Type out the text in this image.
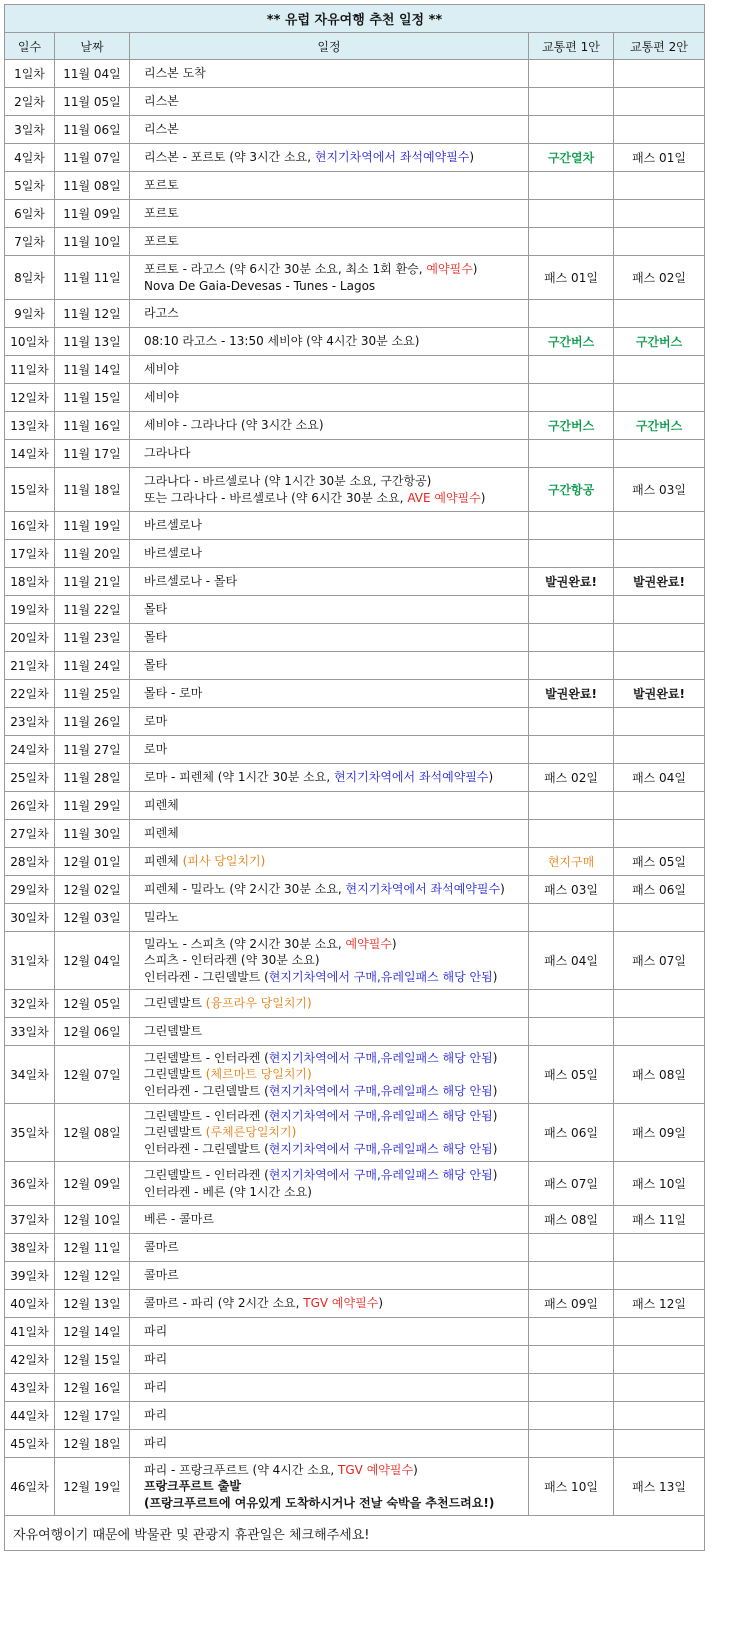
** 유럽 자유여행 추천 일정 **				
일수	날짜	일정	교통편 1안	교통편 2안
1일차	11월 04일	리스본 도착		

2일차	11월 05일	리스본		

3일차	11월 06일	리스본		

4일차	11월 07일	리스본 - 포르토 (약 3시간 소요, 현지기차역에서 좌석예약필수)	구간열차	패스 01일
5일차	11월 08일	포르토		

6일차	11월 09일	포르토		

7일차	11월 10일	포르토		

8일차	11월 11일	포르토 - 라고스 (약 6시간 30분 소요, 최소 1회 환승, 예약필수)
Nova De Gaia-Devesas - Tunes - Lagos	패스 01일	패스 02일
9일차	11월 12일	라고스		

10일차	11월 13일	08:10 라고스 - 13:50 세비야 (약 4시간 30분 소요)	구간버스	구간버스
11일차	11월 14일	세비야		

12일차	11월 15일	세비야		

13일차	11월 16일	세비야 - 그라나다 (약 3시간 소요)	구간버스	구간버스
14일차	11월 17일	그라나다		

15일차	11월 18일	그라나다 - 바르셀로나 (약 1시간 30분 소요, 구간항공)
또는 그라나다 - 바르셀로나 (약 6시간 30분 소요, AVE 예약필수)	구간항공	패스 03일
16일차	11월 19일	바르셀로나		

17일차	11월 20일	바르셀로나		

18일차	11월 21일	바르셀로나 - 몰타	발권완료!	발권완료!
19일차	11월 22일	몰타		

20일차	11월 23일	몰타		

21일차	11월 24일	몰타		

22일차	11월 25일	몰타 - 로마	발권완료!	발권완료!
23일차	11월 26일	로마		

24일차	11월 27일	로마		

25일차	11월 28일	로마 - 피렌체 (약 1시간 30분 소요, 현지기차역에서 좌석예약필수)	패스 02일	패스 04일
26일차	11월 29일	피렌체		

27일차	11월 30일	피렌체		

28일차	12월 01일	피렌체 (피사 당일치기)	현지구매	패스 05일
29일차	12월 02일	피렌체 - 밀라노 (약 2시간 30분 소요, 현지기차역에서 좌석예약필수)	패스 03일	패스 06일
30일차	12월 03일	밀라노		

31일차	12월 04일	밀라노 - 스피츠 (약 2시간 30분 소요, 예약필수)
스피츠 - 인터라켄 (약 30분 소요)
인터라켄 - 그린델발트 (현지기차역에서 구매,유레일패스 해당 안됨)	패스 04일	패스 07일
32일차	12월 05일	그린델발트 (융프라우 당일치기)		

33일차	12월 06일	그린델발트		

34일차	12월 07일	그린델발트 - 인터라켄 (현지기차역에서 구매,유레일패스 해당 안됨)
그린델발트 (체르마트 당일치기)
인터라켄 - 그린델발트 (현지기차역에서 구매,유레일패스 해당 안됨)	패스 05일	패스 08일
35일차	12월 08일	그린델발트 - 인터라켄 (현지기차역에서 구매,유레일패스 해당 안됨)
그린델발트 (루체른당일치기)
인터라켄 - 그린델발트 (현지기차역에서 구매,유레일패스 해당 안됨)	패스 06일	패스 09일
36일차	12월 09일	그린델발트 - 인터라켄 (현지기차역에서 구매,유레일패스 해당 안됨)
인터라켄 - 베른 (약 1시간 소요)	패스 07일	패스 10일
37일차	12월 10일	베른 - 콜마르	패스 08일	패스 11일
38일차	12월 11일	콜마르		

39일차	12월 12일	콜마르		

40일차	12월 13일	콜마르 - 파리 (약 2시간 소요, TGV 예약필수)	패스 09일	패스 12일
41일차	12월 14일	파리		

42일차	12월 15일	파리		

43일차	12월 16일	파리		

44일차	12월 17일	파리		

45일차	12월 18일	파리		

46일차	12월 19일	파리 - 프랑크푸르트 (약 4시간 소요, TGV 예약필수)
프랑크푸르트 출발
(프랑크푸르트에 여유있게 도착하시거나 전날 숙박을 추천드려요!)	패스 10일	패스 13일
자유여행이기 때문에 박물관 및 관광지 휴관일은 체크해주세요!				
